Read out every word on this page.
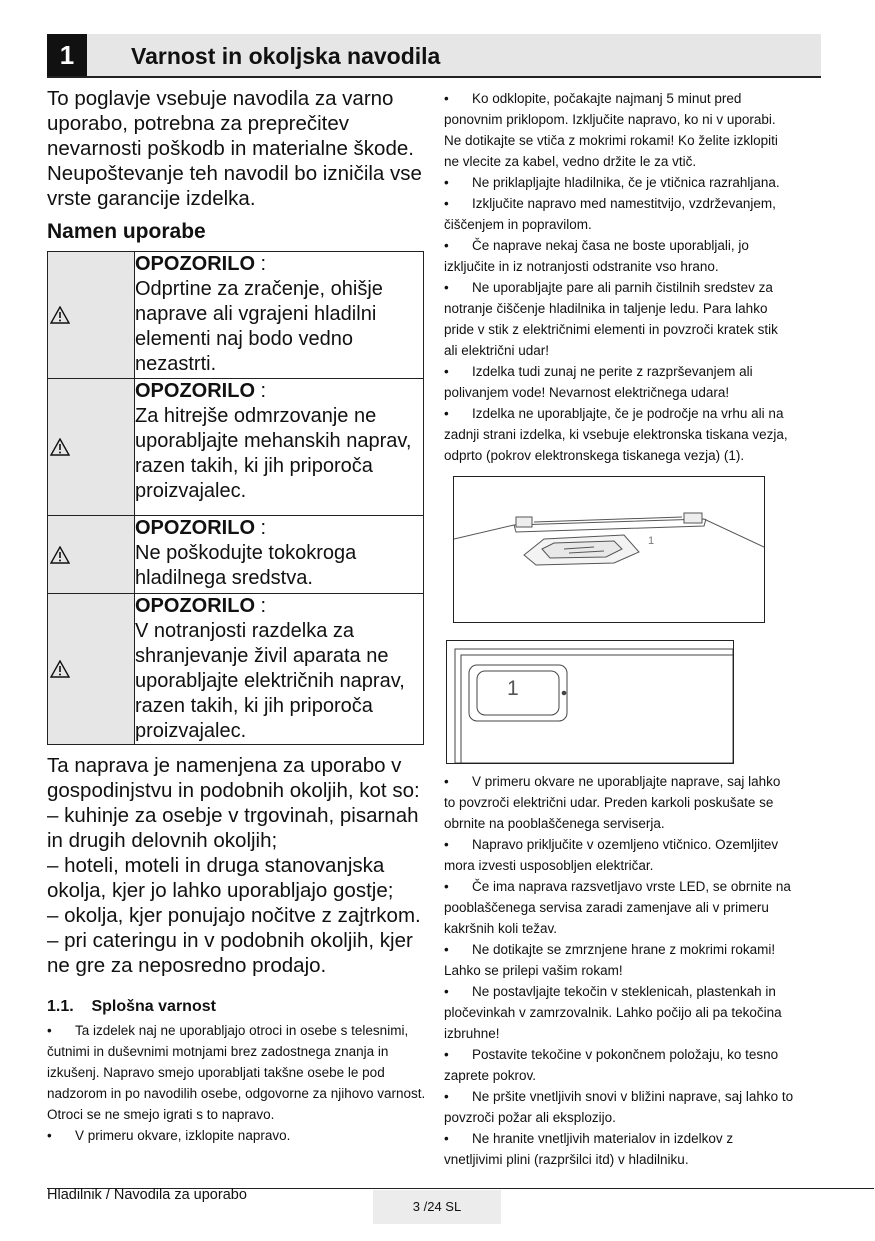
1	Varnost in okoljska navodila

To poglavje vsebuje navodila za varno uporabo, potrebna za preprečitev nevarnosti poškodb in materialne škode. Neupoštevanje teh navodil bo izničila vse vrste garancije izdelka.

Namen uporabe
	OPOZORILO :
Odprtine za zračenje, ohišje naprave ali vgrajeni hladilni elementi naj bodo vedno nezastrti.

	OPOZORILO :
Za hitrejše odmrzovanje ne uporabljajte mehanskih naprav, razen takih, ki jih priporoča proizvajalec.

	OPOZORILO :
Ne poškodujte tokokroga hladilnega sredstva.

	OPOZORILO :
V notranjosti razdelka za shranjevanje živil aparata ne uporabljajte električnih naprav, razen takih, ki jih priporoča proizvajalec.
Ta naprava je namenjena za uporabo v gospodinjstvu in podobnih okoljih, kot so:
– kuhinje za osebje v trgovinah, pisarnah in drugih delovnih okoljih;
– hoteli, moteli in druga stanovanjska okolja, kjer jo lahko uporabljajo gostje;
– okolja, kjer ponujajo nočitve z zajtrkom.
– pri cateringu in v podobnih okoljih, kjer ne gre za neposredno prodajo.
1.1. Splošna varnost

• Ta izdelek naj ne uporabljajo otroci in osebe s telesnimi, čutnimi in duševnimi motnjami brez zadostnega znanja in izkušenj. Napravo smejo uporabljati takšne osebe le pod nadzorom in po navodilih osebe, odgovorne za njihovo varnost. Otroci se ne smejo igrati s to napravo.

• V primeru okvare, izklopite napravo.

• Ko odklopite, počakajte najmanj 5 minut pred ponovnim priklopom. Izključite napravo, ko ni v uporabi. Ne dotikajte se vtiča z mokrimi rokami! Ko želite izklopiti ne vlecite za kabel, vedno držite le za vtič.

• Ne priklapljajte hladilnika, če je vtičnica razrahljana.

• Izključite napravo med namestitvijo, vzdrževanjem, čiščenjem in popravilom.

• Če naprave nekaj časa ne boste uporabljali, jo izključite in iz notranjosti odstranite vso hrano.

• Ne uporabljajte pare ali parnih čistilnih sredstev za notranje čiščenje hladilnika in taljenje ledu. Para lahko pride v stik z električnimi elementi in povzroči kratek stik ali električni udar!

• Izdelka tudi zunaj ne perite z razprševanjem ali polivanjem vode! Nevarnost električnega udara!

• Izdelka ne uporabljajte, če je področje na vrhu ali na zadnji strani izdelka, ki vsebuje elektronska tiskana vezja, odprto (pokrov elektronskega tiskanega vezja) (1).

1
1

• V primeru okvare ne uporabljajte naprave, saj lahko to povzroči električni udar. Preden karkoli poskušate se obrnite na pooblaščenega serviserja.

• Napravo priključite v ozemljeno vtičnico. Ozemljitev mora izvesti usposobljen električar.

• Če ima naprava razsvetljavo vrste LED, se obrnite na pooblaščenega servisa zaradi zamenjave ali v primeru kakršnih koli težav.

• Ne dotikajte se zmrznjene hrane z mokrimi rokami! Lahko se prilepi vašim rokam!

• Ne postavljajte tekočin v steklenicah, plastenkah in pločevinkah v zamrzovalnik. Lahko počijo ali pa tekočina izbruhne!

• Postavite tekočine v pokončnem položaju, ko tesno zaprete pokrov.

• Ne pršite vnetljivih snovi v bližini naprave, saj lahko to povzroči požar ali eksplozijo.

• Ne hranite vnetljivih materialov in izdelkov z vnetljivimi plini (razpršilci itd) v hladilniku.

Hladilnik / Navodila za uporabo
3 /24 SL
